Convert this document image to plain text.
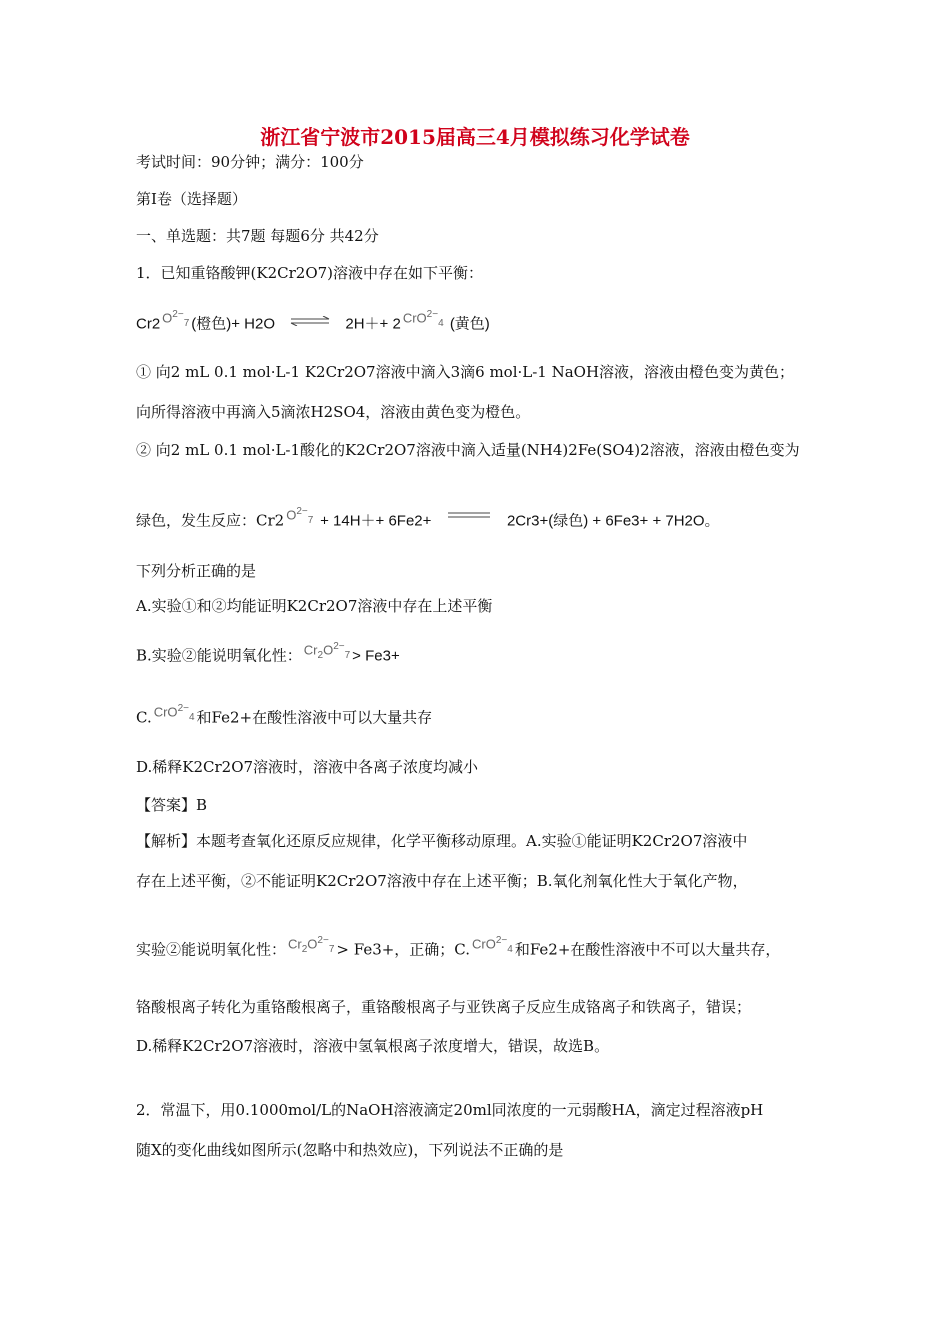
浙江省宁波市2015届高三4月模拟练习化学试卷
考试时间：90分钟；满分：100分
第I卷（选择题）
一、单选题：共7题 每题6分 共42分
1．已知重铬酸钾(K2Cr2O7)溶液中存在如下平衡：
Cr2 $O^{2-}_7$ (橙色)+ H2O ⇌ 2H＋+ 2 CrO$^{2-}_4$ (黄色)
① 向2 mL 0.1 mol·L-1 K2Cr2O7溶液中滴入3滴6 mol·L-1 NaOH溶液，溶液由橙色变为黄色；
向所得溶液中再滴入5滴浓H2SO4，溶液由黄色变为橙色。
② 向2 mL 0.1 mol·L-1酸化的K2Cr2O7溶液中滴入适量(NH4)2Fe(SO4)2溶液，溶液由橙色变为
绿色，发生反应：Cr2 $O^{2-}_7 + 14H++ 6Fe2+$	2Cr3+(绿色) + 6Fe3+ + 7H2O。
下列分析正确的是
A.实验①和②均能证明K2Cr2O7溶液中存在上述平衡
B.实验②能说明氧化性： $Cr_2O^{2-}_7 > Fe3+$
C. CrO$^{2-}_4$ 和Fe2+在酸性溶液中可以大量共存
D.稀释K2Cr2O7溶液时，溶液中各离子浓度均减小
【答案】B
【解析】本题考查氧化还原反应规律，化学平衡移动原理。A.实验①能证明K2Cr2O7溶液中
存在上述平衡，②不能证明K2Cr2O7溶液中存在上述平衡；B.氧化剂氧化性大于氧化产物，
实验②能说明氧化性： $Cr_2O^{2-}_7 > Fe3+$，正确；C. CrO$^{2-}_4$ 和Fe2+在酸性溶液中不可以大量共存，
铬酸根离子转化为重铬酸根离子，重铬酸根离子与亚铁离子反应生成铬离子和铁离子，错误；
D.稀释K2Cr2O7溶液时，溶液中氢氧根离子浓度增大，错误，故选B。
2．常温下，用0.1000mol/L的NaOH溶液滴定20ml同浓度的一元弱酸HA，滴定过程溶液pH
随X的变化曲线如图所示(忽略中和热效应)，下列说法不正确的是
